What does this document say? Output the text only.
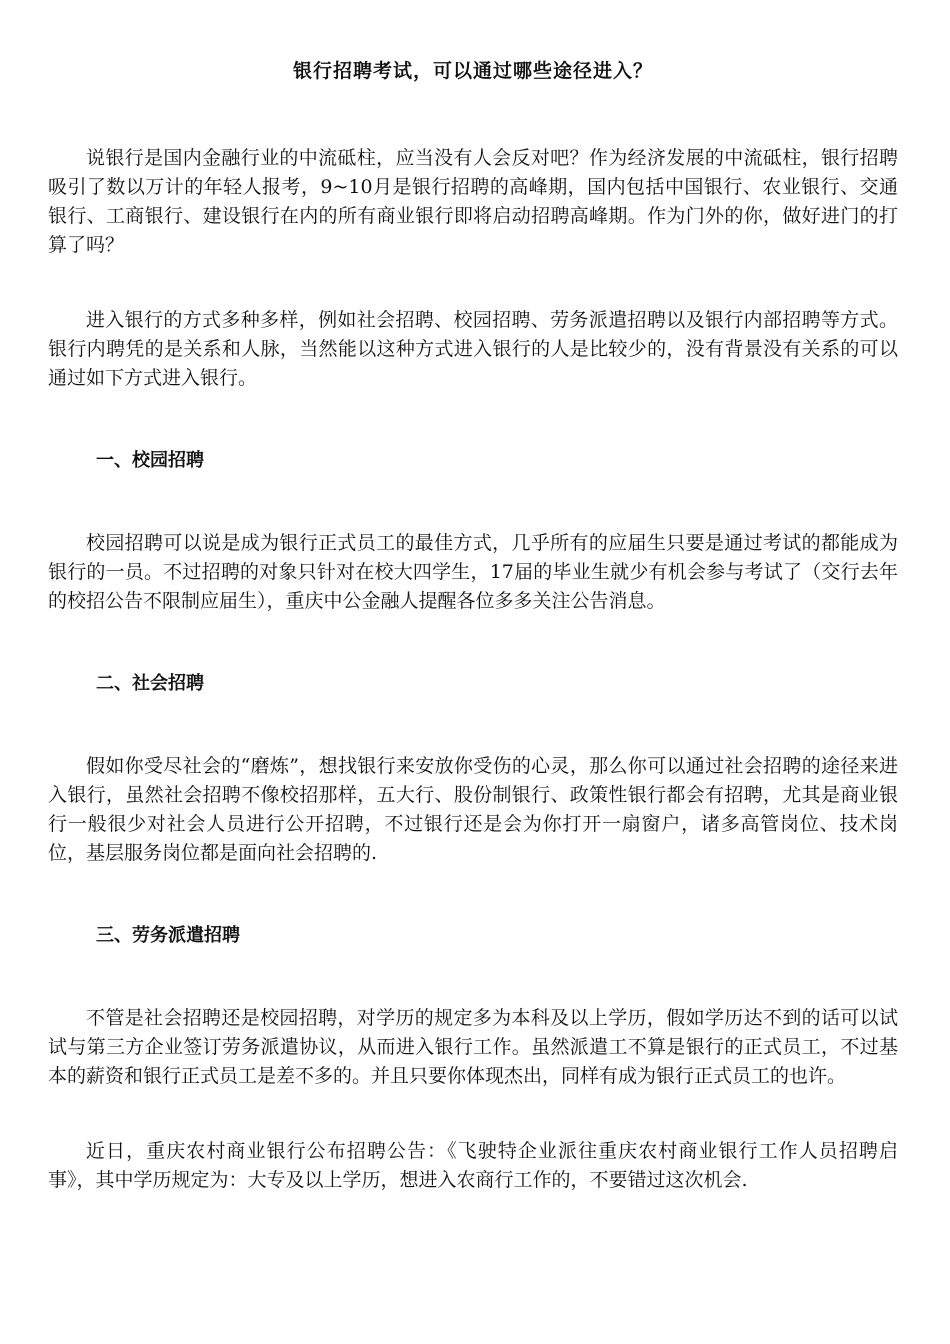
银行招聘考试，可以通过哪些途径进入？

说银行是国内金融行业的中流砥柱，应当没有人会反对吧？作为经济发展的中流砥柱，银行招聘吸引了数以万计的年轻人报考，9~10月是银行招聘的高峰期，国内包括中国银行、农业银行、交通银行、工商银行、建设银行在内的所有商业银行即将启动招聘高峰期。作为门外的你，做好进门的打算了吗？

进入银行的方式多种多样，例如社会招聘、校园招聘、劳务派遣招聘以及银行内部招聘等方式。银行内聘凭的是关系和人脉，当然能以这种方式进入银行的人是比较少的，没有背景没有关系的可以通过如下方式进入银行。

一、校园招聘

校园招聘可以说是成为银行正式员工的最佳方式，几乎所有的应届生只要是通过考试的都能成为银行的一员。不过招聘的对象只针对在校大四学生，17届的毕业生就少有机会参与考试了（交行去年的校招公告不限制应届生），重庆中公金融人提醒各位多多关注公告消息。

二、社会招聘

假如你受尽社会的“磨炼”，想找银行来安放你受伤的心灵，那么你可以通过社会招聘的途径来进入银行，虽然社会招聘不像校招那样，五大行、股份制银行、政策性银行都会有招聘，尤其是商业银行一般很少对社会人员进行公开招聘，不过银行还是会为你打开一扇窗户，诸多高管岗位、技术岗位，基层服务岗位都是面向社会招聘的.

三、劳务派遣招聘

不管是社会招聘还是校园招聘，对学历的规定多为本科及以上学历，假如学历达不到的话可以试试与第三方企业签订劳务派遣协议，从而进入银行工作。虽然派遣工不算是银行的正式员工，不过基本的薪资和银行正式员工是差不多的。并且只要你体现杰出，同样有成为银行正式员工的也许。

近日，重庆农村商业银行公布招聘公告：《飞驶特企业派往重庆农村商业银行工作人员招聘启事》，其中学历规定为：大专及以上学历，想进入农商行工作的，不要错过这次机会.
